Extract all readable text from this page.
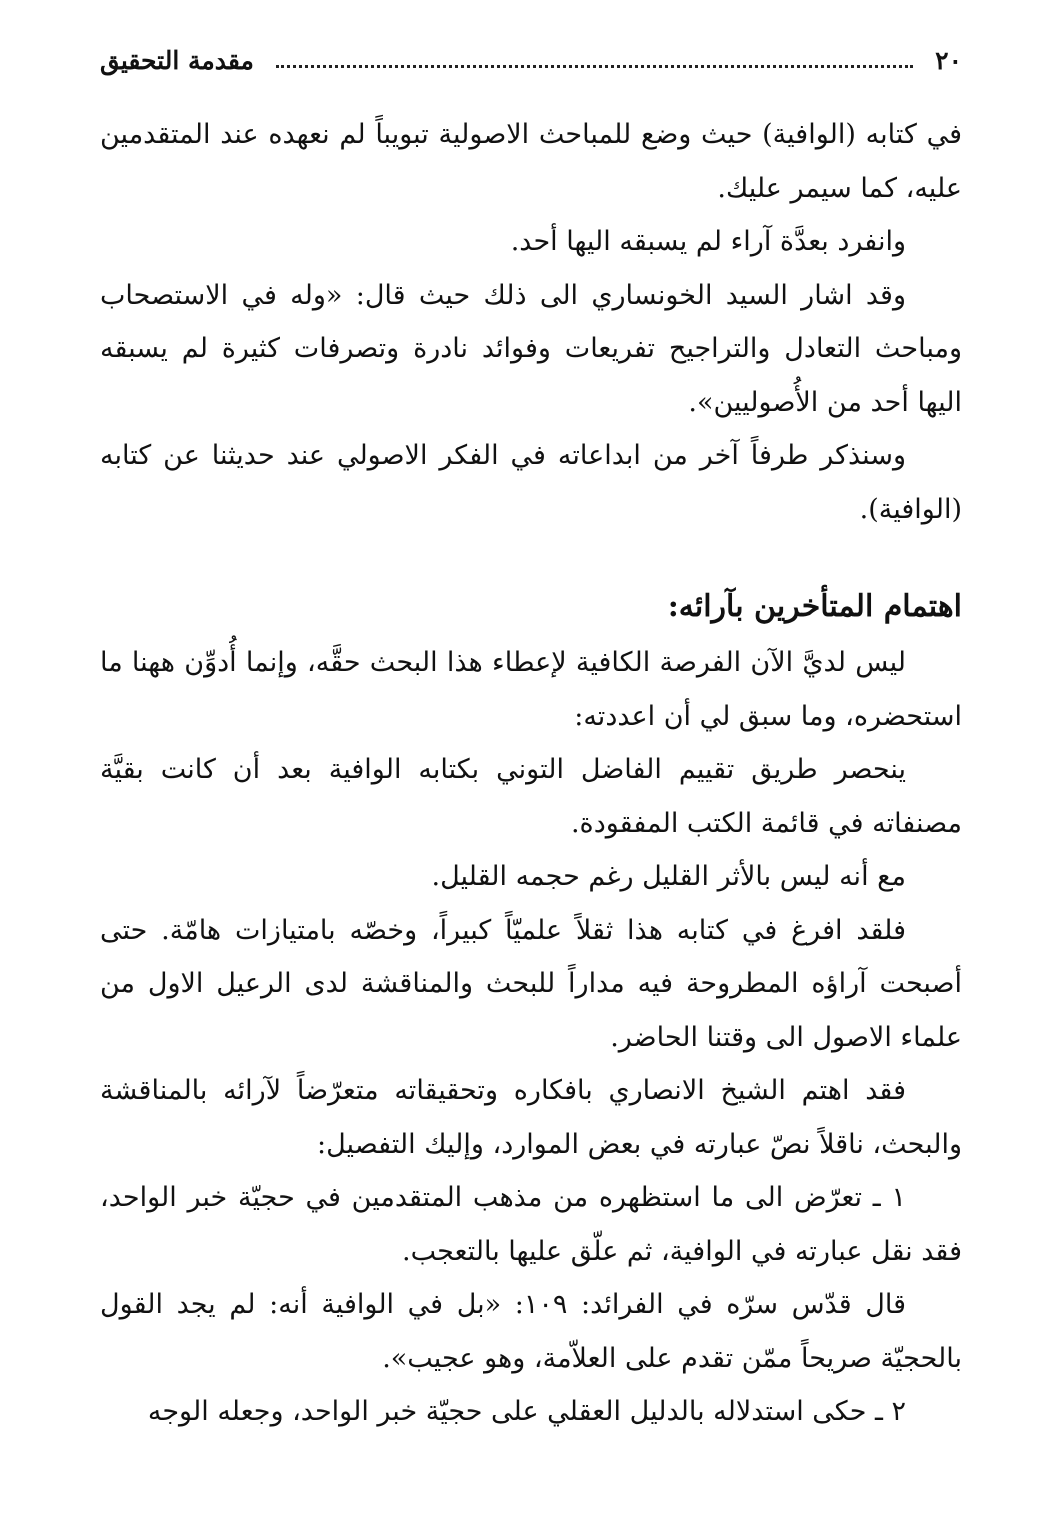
٢٠
مقدمة التحقيق

في كتابه (الوافية) حيث وضع للمباحث الاصولية تبويباً لم نعهده عند المتقدمين عليه، كما سيمر عليك.

وانفرد بعدَّة آراء لم يسبقه اليها أحد.

وقد اشار السيد الخونساري الى ذلك حيث قال: «وله في الاستصحاب ومباحث التعادل والتراجيح تفريعات وفوائد نادرة وتصرفات كثيرة لم يسبقه اليها أحد من الأُصوليين».

وسنذكر طرفاً آخر من ابداعاته في الفكر الاصولي عند حديثنا عن كتابه (الوافية).

اهتمام المتأخرين بآرائه:

ليس لديَّ الآن الفرصة الكافية لإعطاء هذا البحث حقَّه، وإنما أُدوِّن ههنا ما استحضره، وما سبق لي أن اعددته:

ينحصر طريق تقييم الفاضل التوني بكتابه الوافية بعد أن كانت بقيَّة مصنفاته في قائمة الكتب المفقودة.

مع أنه ليس بالأثر القليل رغم حجمه القليل.

فلقد افرغ في كتابه هذا ثقلاً علميّاً كبيراً، وخصّه بامتيازات هامّة. حتى أصبحت آراؤه المطروحة فيه مداراً للبحث والمناقشة لدى الرعيل الاول من علماء الاصول الى وقتنا الحاضر.

فقد اهتم الشيخ الانصاري بافكاره وتحقيقاته متعرّضاً لآرائه بالمناقشة والبحث، ناقلاً نصّ عبارته في بعض الموارد، وإليك التفصيل:

١ ـ تعرّض الى ما استظهره من مذهب المتقدمين في حجيّة خبر الواحد، فقد نقل عبارته في الوافية، ثم علّق عليها بالتعجب.

قال قدّس سرّه في الفرائد: ١٠٩: «بل في الوافية أنه: لم يجد القول بالحجيّة صريحاً ممّن تقدم على العلاّمة، وهو عجيب».

٢ ـ حكى استدلاله بالدليل العقلي على حجيّة خبر الواحد، وجعله الوجه
